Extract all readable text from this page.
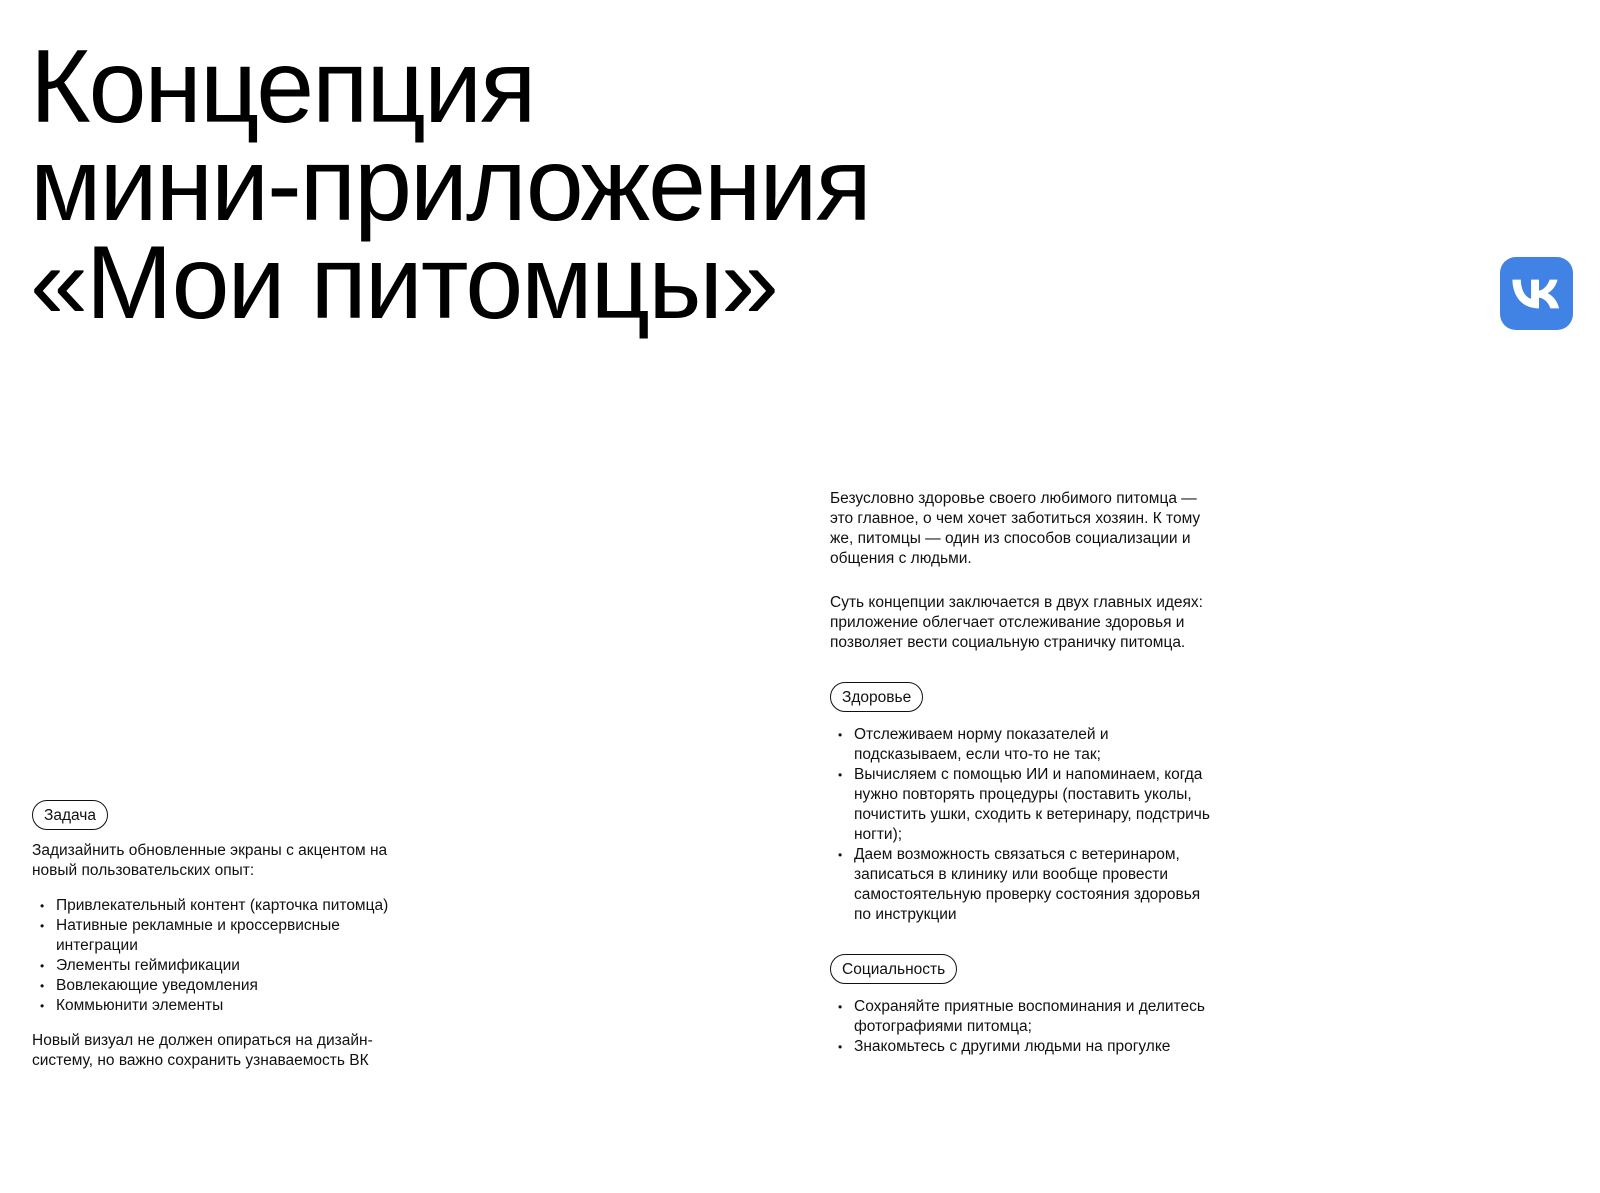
Концепция
мини-приложения
«Мои питомцы»
Задача

Задизайнить обновленные экраны с акцентом на новый пользовательских опыт:

• Привлекательный контент (карточка питомца)
• Нативные рекламные и кроссервисные интеграции
• Элементы геймификации
• Вовлекающие уведомления
• Коммьюнити элементы

Новый визуал не должен опираться на дизайн-систему, но важно сохранить узнаваемость ВК

Безусловно здоровье своего любимого питомца — это главное, о чем хочет заботиться хозяин. К тому же, питомцы — один из способов социализации и общения с людьми.

Суть концепции заключается в двух главных идеях: приложение облегчает отслеживание здоровья и позволяет вести социальную страничку питомца.

Здоровье
• Отслеживаем норму показателей и подсказываем, если что-то не так;
• Вычисляем с помощью ИИ и напоминаем, когда нужно повторять процедуры (поставить уколы, почистить ушки, сходить к ветеринару, подстричь ногти);
• Даем возможность связаться с ветеринаром, записаться в клинику или вообще провести самостоятельную проверку состояния здоровья по инструкции
Социальность
• Сохраняйте приятные воспоминания и делитесь фотографиями питомца;
• Знакомьтесь с другими людьми на прогулке
